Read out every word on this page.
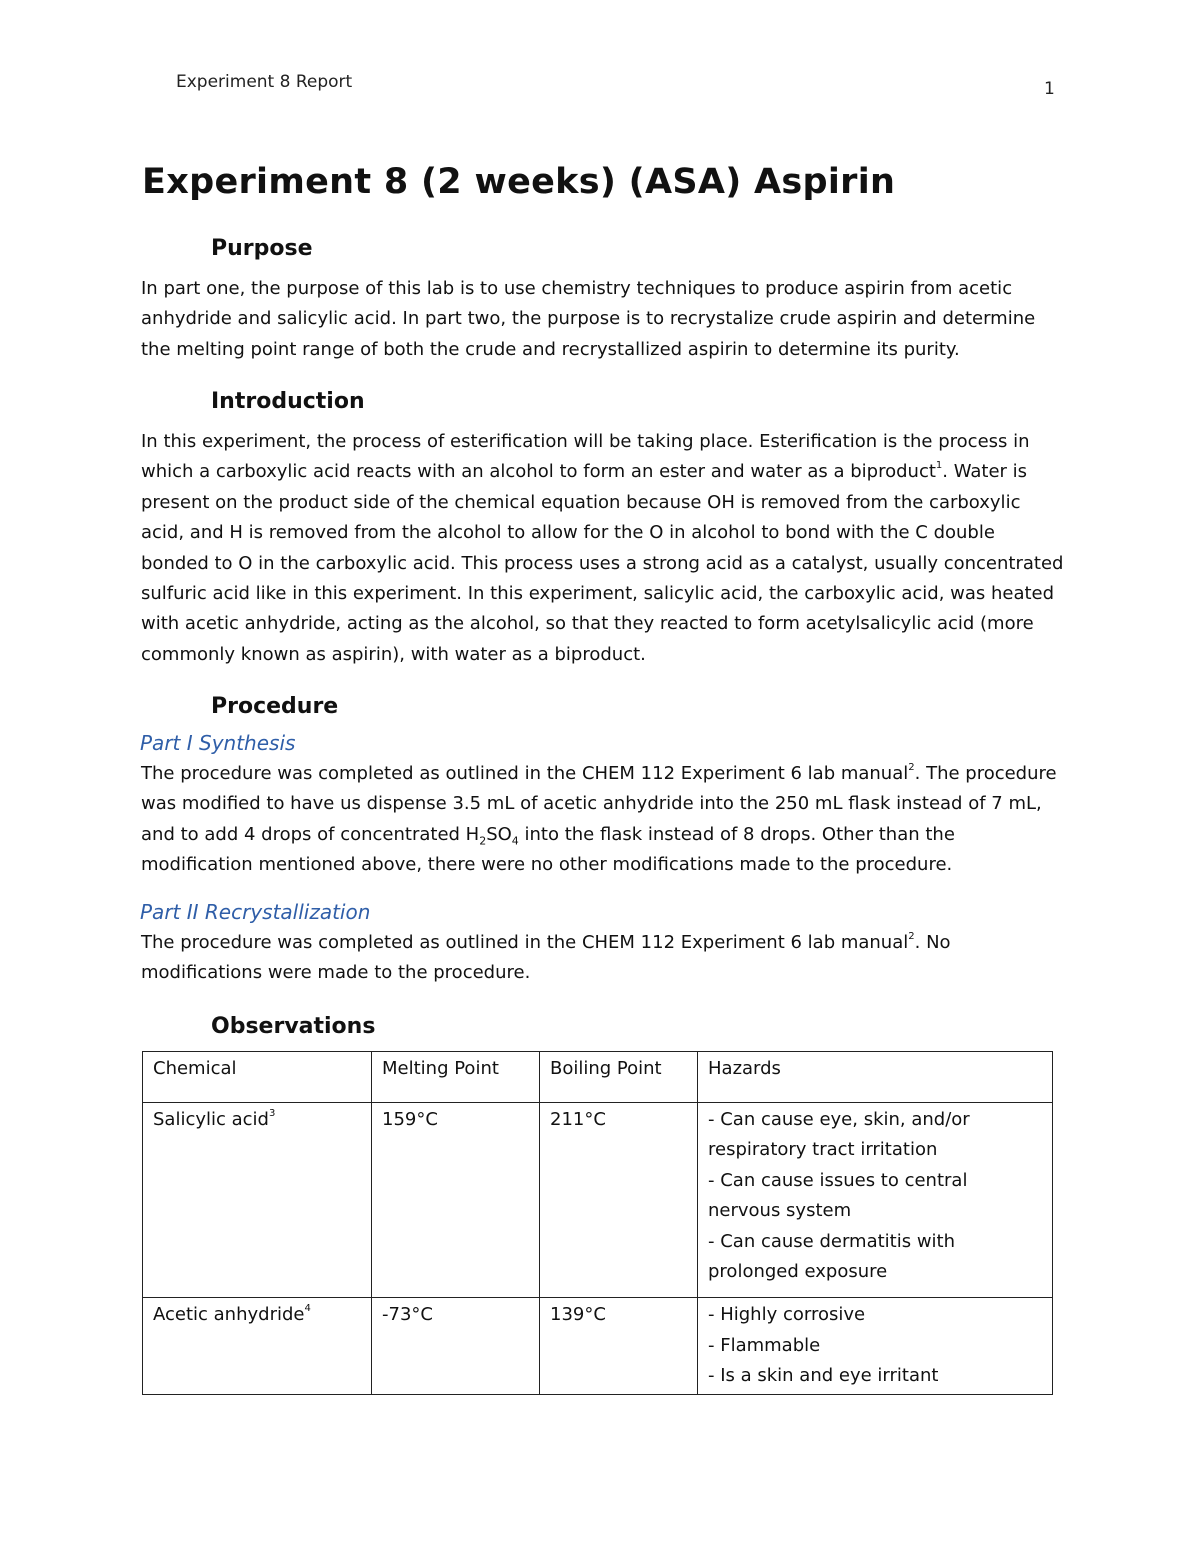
Experiment 8 Report	1
Experiment 8 (2 weeks) (ASA) Aspirin
Purpose

In part one, the purpose of this lab is to use chemistry techniques to produce aspirin from acetic anhydride and salicylic acid. In part two, the purpose is to recrystalize crude aspirin and determine the melting point range of both the crude and recrystallized aspirin to determine its purity.

Introduction

In this experiment, the process of esterification will be taking place. Esterification is the process in which a carboxylic acid reacts with an alcohol to form an ester and water as a biproduct$^1$. Water is present on the product side of the chemical equation because OH is removed from the carboxylic acid, and H is removed from the alcohol to allow for the O in alcohol to bond with the C double bonded to O in the carboxylic acid. This process uses a strong acid as a catalyst, usually concentrated sulfuric acid like in this experiment. In this experiment, salicylic acid, the carboxylic acid, was heated with acetic anhydride, acting as the alcohol, so that they reacted to form acetylsalicylic acid (more commonly known as aspirin), with water as a biproduct.

Procedure
Part I Synthesis

The procedure was completed as outlined in the CHEM 112 Experiment 6 lab manual$^2$. The procedure was modified to have us dispense 3.5 mL of acetic anhydride into the 250 mL flask instead of 7 mL, and to add 4 drops of concentrated $H_2SO_4$ into the flask instead of 8 drops. Other than the modification mentioned above, there were no other modifications made to the procedure.

Part II Recrystallization

The procedure was completed as outlined in the CHEM 112 Experiment 6 lab manual$^2$. No modifications were made to the procedure.

Observations
Chemical	Melting Point	Boiling Point	Hazards
Salicylic acid$^3$	159°C	211°C	- Can cause eye, skin, and/or respiratory tract irritation
- Can cause issues to central nervous system
- Can cause dermatitis with prolonged exposure

Acetic anhydride$^4$	-73°C	139°C	- Highly corrosive
- Flammable
- Is a skin and eye irritant
